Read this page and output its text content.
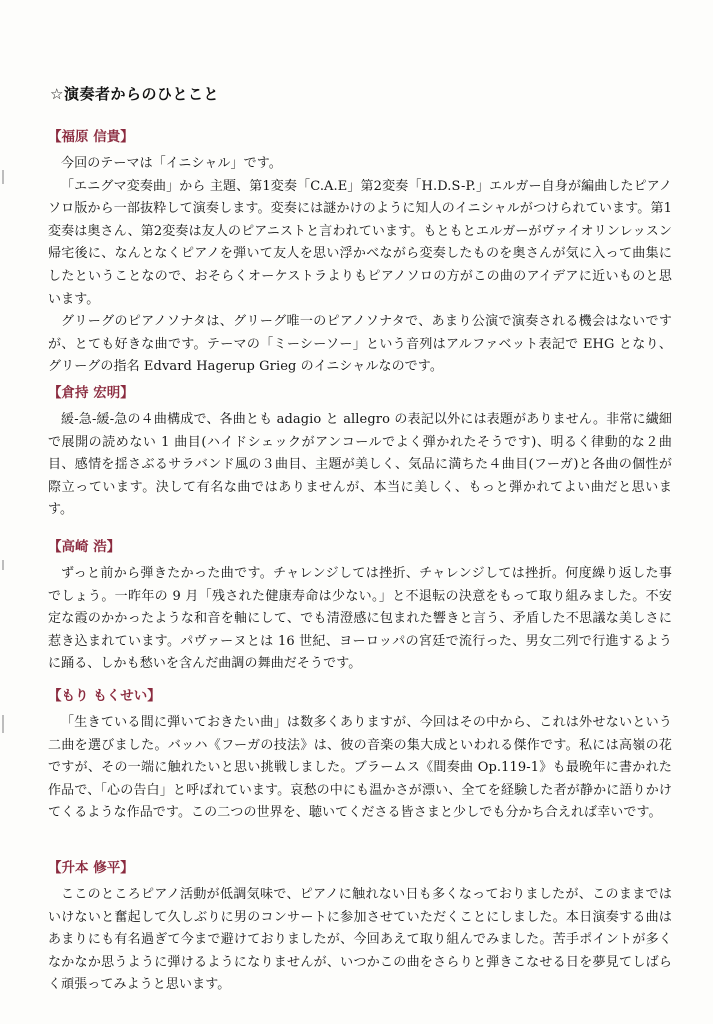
☆演奏者からのひとこと
【福原 信貴】

今回のテーマは「イニシャル」です。

「エニグマ変奏曲」から 主題、第1変奏「C.A.E」第2変奏「H.D.S-P.」エルガー自身が編曲したピアノソロ版から一部抜粋して演奏します。変奏には謎かけのように知人のイニシャルがつけられています。第1変奏は奥さん、第2変奏は友人のピアニストと言われています。もともとエルガーがヴァイオリンレッスン帰宅後に、なんとなくピアノを弾いて友人を思い浮かべながら変奏したものを奥さんが気に入って曲集にしたということなので、おそらくオーケストラよりもピアノソロの方がこの曲のアイデアに近いものと思います。

グリーグのピアノソナタは、グリーグ唯一のピアノソナタで、あまり公演で演奏される機会はないですが、とても好きな曲です。テーマの「ミーシーソー」という音列はアルファベット表記で EHG となり、グリーグの指名 Edvard Hagerup Grieg のイニシャルなのです。

【倉持 宏明】

緩-急-緩-急の４曲構成で、各曲とも adagio と allegro の表記以外には表題がありません。非常に繊細で展開の読めない 1 曲目(ハイドシェックがアンコールでよく弾かれたそうです)、明るく律動的な２曲目、感情を揺さぶるサラバンド風の３曲目、主題が美しく、気品に満ちた４曲目(フーガ)と各曲の個性が際立っています。決して有名な曲ではありませんが、本当に美しく、もっと弾かれてよい曲だと思います。

【高崎 浩】

ずっと前から弾きたかった曲です。チャレンジしては挫折、チャレンジしては挫折。何度繰り返した事でしょう。一昨年の 9 月「残された健康寿命は少ない。」と不退転の決意をもって取り組みました。不安定な霞のかかったような和音を軸にして、でも清澄感に包まれた響きと言う、矛盾した不思議な美しさに惹き込まれています。パヴァーヌとは 16 世紀、ヨーロッパの宮廷で流行った、男女二列で行進するように踊る、しかも愁いを含んだ曲調の舞曲だそうです。

【もり もくせい】

「生きている間に弾いておきたい曲」は数多くありますが、今回はその中から、これは外せないという二曲を選びました。バッハ《フーガの技法》は、彼の音楽の集大成といわれる傑作です。私には高嶺の花ですが、その一端に触れたいと思い挑戦しました。ブラームス《間奏曲 Op.119-1》も最晩年に書かれた作品で、「心の告白」と呼ばれています。哀愁の中にも温かさが漂い、全てを経験した者が静かに語りかけてくるような作品です。この二つの世界を、聴いてくださる皆さまと少しでも分かち合えれば幸いです。

【升本 修平】

ここのところピアノ活動が低調気味で、ピアノに触れない日も多くなっておりましたが、このままではいけないと奮起して久しぶりに男のコンサートに参加させていただくことにしました。本日演奏する曲はあまりにも有名過ぎて今まで避けておりましたが、今回あえて取り組んでみました。苦手ポイントが多くなかなか思うように弾けるようになりませんが、いつかこの曲をさらりと弾きこなせる日を夢見てしばらく頑張ってみようと思います。
